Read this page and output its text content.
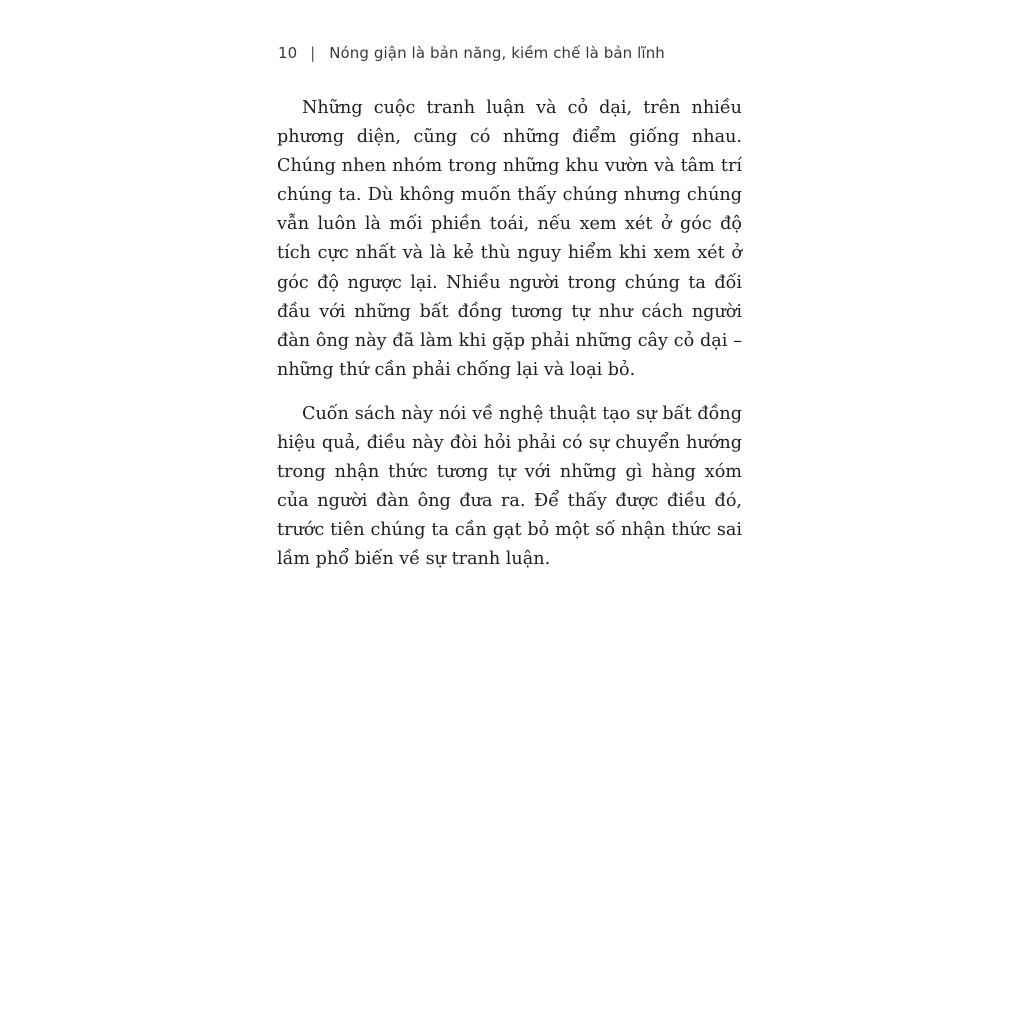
10 | Nóng giận là bản năng, kiềm chế là bản lĩnh

Những cuộc tranh luận và cỏ dại, trên nhiều phương diện, cũng có những điểm giống nhau. Chúng nhen nhóm trong những khu vườn và tâm trí chúng ta. Dù không muốn thấy chúng nhưng chúng vẫn luôn là mối phiền toái, nếu xem xét ở góc độ tích cực nhất và là kẻ thù nguy hiểm khi xem xét ở góc độ ngược lại. Nhiều người trong chúng ta đối đầu với những bất đồng tương tự như cách người đàn ông này đã làm khi gặp phải những cây cỏ dại – những thứ cần phải chống lại và loại bỏ.

Cuốn sách này nói về nghệ thuật tạo sự bất đồng hiệu quả, điều này đòi hỏi phải có sự chuyển hướng trong nhận thức tương tự với những gì hàng xóm của người đàn ông đưa ra. Để thấy được điều đó, trước tiên chúng ta cần gạt bỏ một số nhận thức sai lầm phổ biến về sự tranh luận.
